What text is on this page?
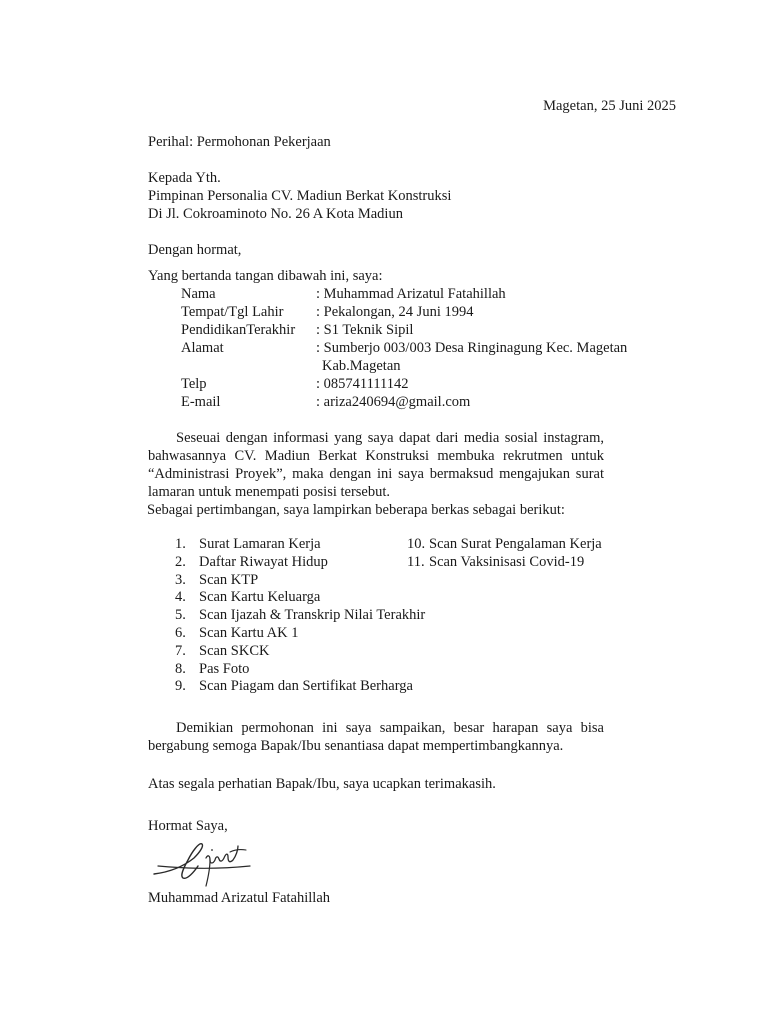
Magetan, 25 Juni 2025
Perihal: Permohonan Pekerjaan
Kepada Yth.
Pimpinan Personalia CV. Madiun Berkat Konstruksi
Di Jl. Cokroaminoto No. 26 A Kota Madiun
Dengan hormat,
Yang bertanda tangan dibawah ini, saya:
Nama	: Muhammad Arizatul Fatahillah
Tempat/Tgl Lahir : Pekalongan, 24 Juni 1994
PendidikanTerakhir : S1 Teknik Sipil
Alamat	: Sumberjo 003/003 Desa Ringinagung Kec. Magetan
Kab.Magetan
Telp	: 085741111142
E-mail	: ariza240694@gmail.com
Seseuai dengan informasi yang saya dapat dari media sosial instagram, bahwasannya CV. Madiun Berkat Konstruksi membuka rekrutmen untuk “Administrasi Proyek”, maka dengan ini saya bermaksud mengajukan surat lamaran untuk menempati posisi tersebut.
Sebagai pertimbangan, saya lampirkan beberapa berkas sebagai berikut:
1. Surat Lamaran Kerja
2. Daftar Riwayat Hidup
3. Scan KTP
4. Scan Kartu Keluarga
5. Scan Ijazah & Transkrip Nilai Terakhir
6. Scan Kartu AK 1
7. Scan SKCK
8. Pas Foto
9. Scan Piagam dan Sertifikat Berharga
10. Scan Surat Pengalaman Kerja
11. Scan Vaksinisasi Covid-19
Demikian permohonan ini saya sampaikan, besar harapan saya bisa bergabung semoga Bapak/Ibu senantiasa dapat mempertimbangkannya.
Atas segala perhatian Bapak/Ibu, saya ucapkan terimakasih.
Hormat Saya,
Muhammad Arizatul Fatahillah
